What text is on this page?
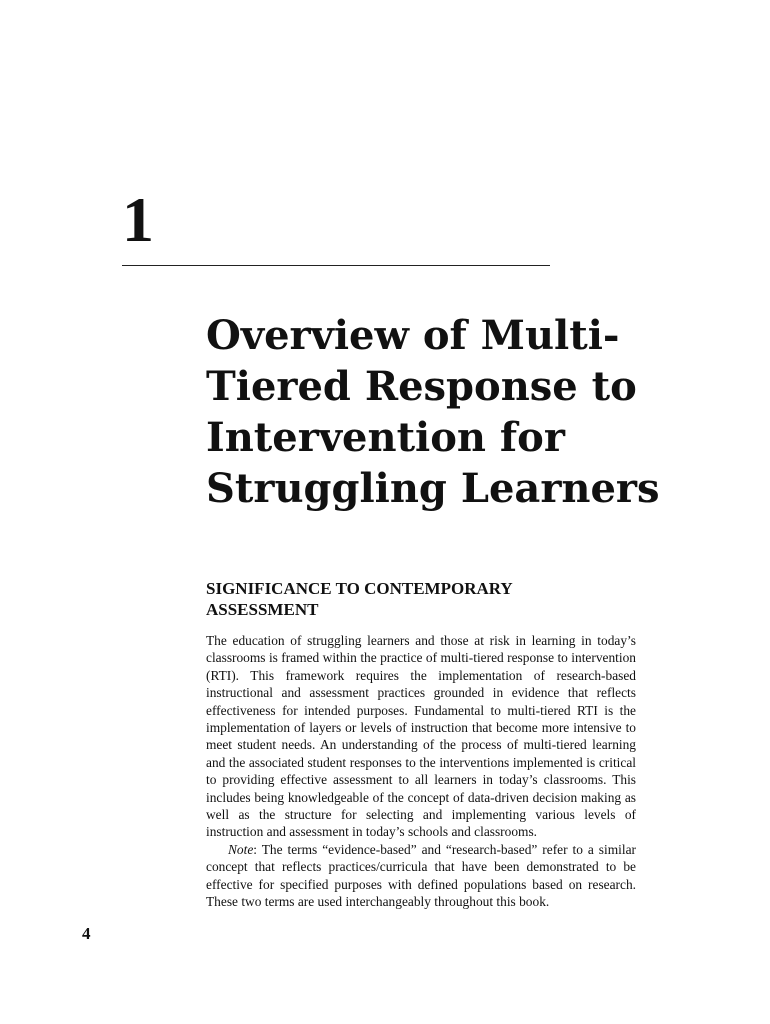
1
Overview of Multi-
Tiered Response to
Intervention for
Struggling Learners
SIGNIFICANCE TO CONTEMPORARY
ASSESSMENT

The education of struggling learners and those at risk in learning in today’s classrooms is framed within the practice of multi-tiered response to intervention (RTI). This framework requires the implementation of research-based instructional and assessment practices grounded in evidence that reflects effectiveness for intended purposes. Fundamental to multi-tiered RTI is the implementation of layers or levels of instruction that become more intensive to meet student needs. An understanding of the process of multi-tiered learning and the associated student responses to the interventions implemented is critical to providing effective assessment to all learners in today’s classrooms. This includes being knowledgeable of the concept of data-driven decision making as well as the structure for selecting and implementing various levels of instruction and assessment in today’s schools and classrooms.

Note: The terms “evidence-based” and “research-based” refer to a similar concept that reflects practices/curricula that have been demonstrated to be effective for specified purposes with defined populations based on research. These two terms are used interchangeably throughout this book.

4
